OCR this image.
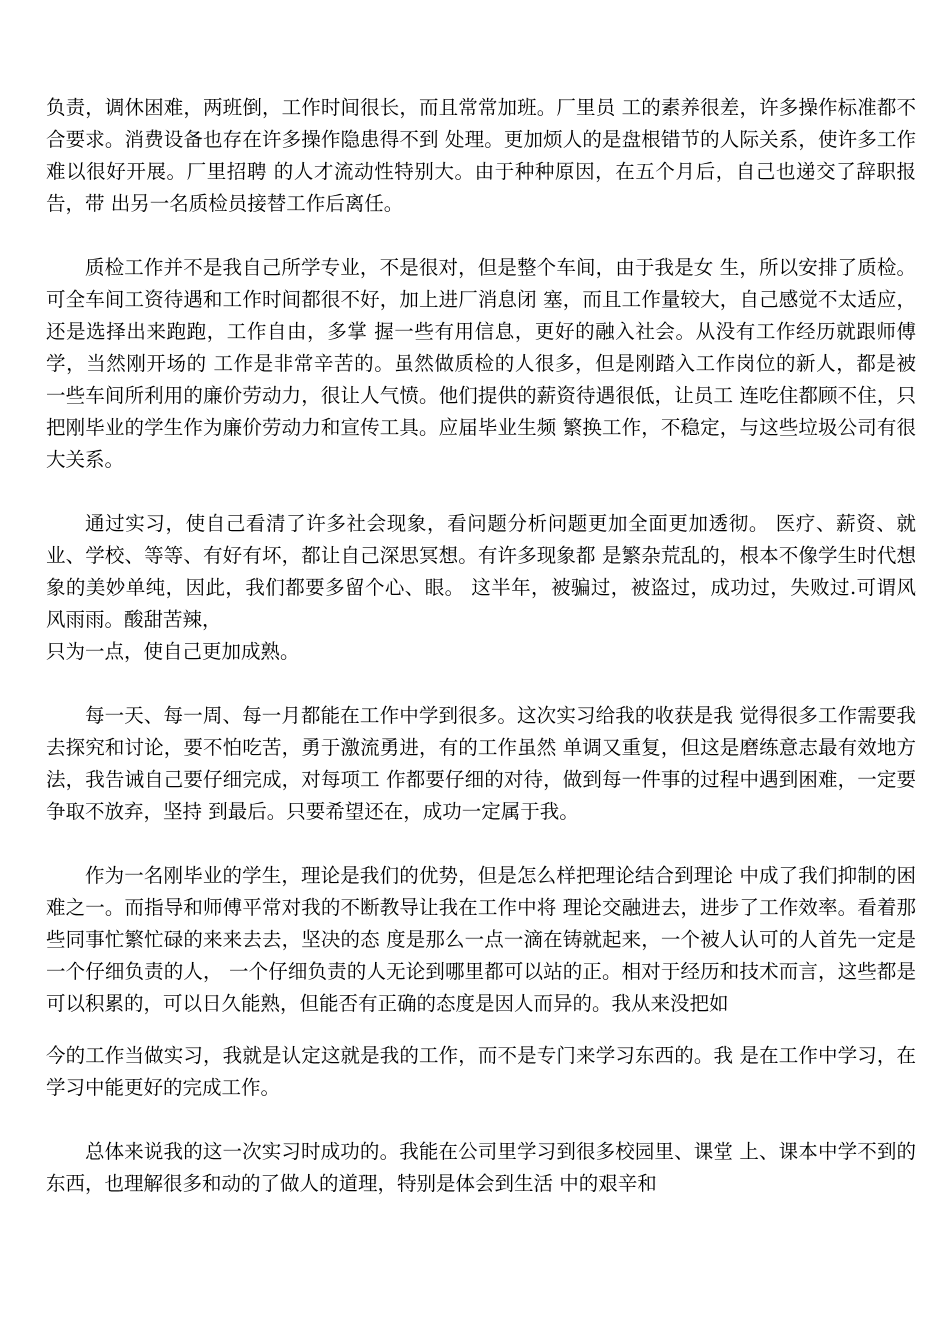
负责，调休困难，两班倒，工作时间很长，而且常常加班。厂里员 工的素养很差，许多操作标准都不合要求。消费设备也存在许多操作隐患得不到 处理。更加烦人的是盘根错节的人际关系，使许多工作难以很好开展。厂里招聘 的人才流动性特别大。由于种种原因，在五个月后，自己也递交了辞职报告，带 出另一名质检员接替工作后离任。

质检工作并不是我自己所学专业，不是很对，但是整个车间，由于我是女 生，所以安排了质检。可全车间工资待遇和工作时间都很不好，加上进厂消息闭 塞，而且工作量较大，自己感觉不太适应，还是选择出来跑跑，工作自由，多掌 握一些有用信息，更好的融入社会。从没有工作经历就跟师傅学，当然刚开场的 工作是非常辛苦的。虽然做质检的人很多，但是刚踏入工作岗位的新人，都是被 一些车间所利用的廉价劳动力，很让人气愤。他们提供的薪资待遇很低，让员工 连吃住都顾不住，只把刚毕业的学生作为廉价劳动力和宣传工具。应届毕业生频 繁换工作，不稳定，与这些垃圾公司有很大关系。

通过实习，使自己看清了许多社会现象，看问题分析问题更加全面更加透彻。 医疗、薪资、就业、学校、等等、有好有坏，都让自己深思冥想。有许多现象都 是繁杂荒乱的，根本不像学生时代想象的美妙单纯，因此，我们都要多留个心、眼。 这半年，被骗过，被盗过，成功过，失败过.可谓风风雨雨。酸甜苦辣，

只为一点，使自己更加成熟。

每一天、每一周、每一月都能在工作中学到很多。这次实习给我的收获是我 觉得很多工作需要我去探究和讨论，要不怕吃苦，勇于激流勇进，有的工作虽然 单调又重复，但这是磨练意志最有效地方法，我告诫自己要仔细完成，对每项工 作都要仔细的对待，做到每一件事的过程中遇到困难，一定要争取不放弃，坚持 到最后。只要希望还在，成功一定属于我。

作为一名刚毕业的学生，理论是我们的优势，但是怎么样把理论结合到理论 中成了我们抑制的困难之一。而指导和师傅平常对我的不断教导让我在工作中将 理论交融进去，进步了工作效率。看着那些同事忙繁忙碌的来来去去，坚决的态 度是那么一点一滴在铸就起来，一个被人认可的人首先一定是一个仔细负责的人， 一个仔细负责的人无论到哪里都可以站的正。相对于经历和技术而言，这些都是 可以积累的，可以日久能熟，但能否有正确的态度是因人而异的。我从来没把如

今的工作当做实习，我就是认定这就是我的工作，而不是专门来学习东西的。我 是在工作中学习，在学习中能更好的完成工作。

总体来说我的这一次实习时成功的。我能在公司里学习到很多校园里、课堂 上、课本中学不到的东西，也理解很多和动的了做人的道理，特别是体会到生活 中的艰辛和
